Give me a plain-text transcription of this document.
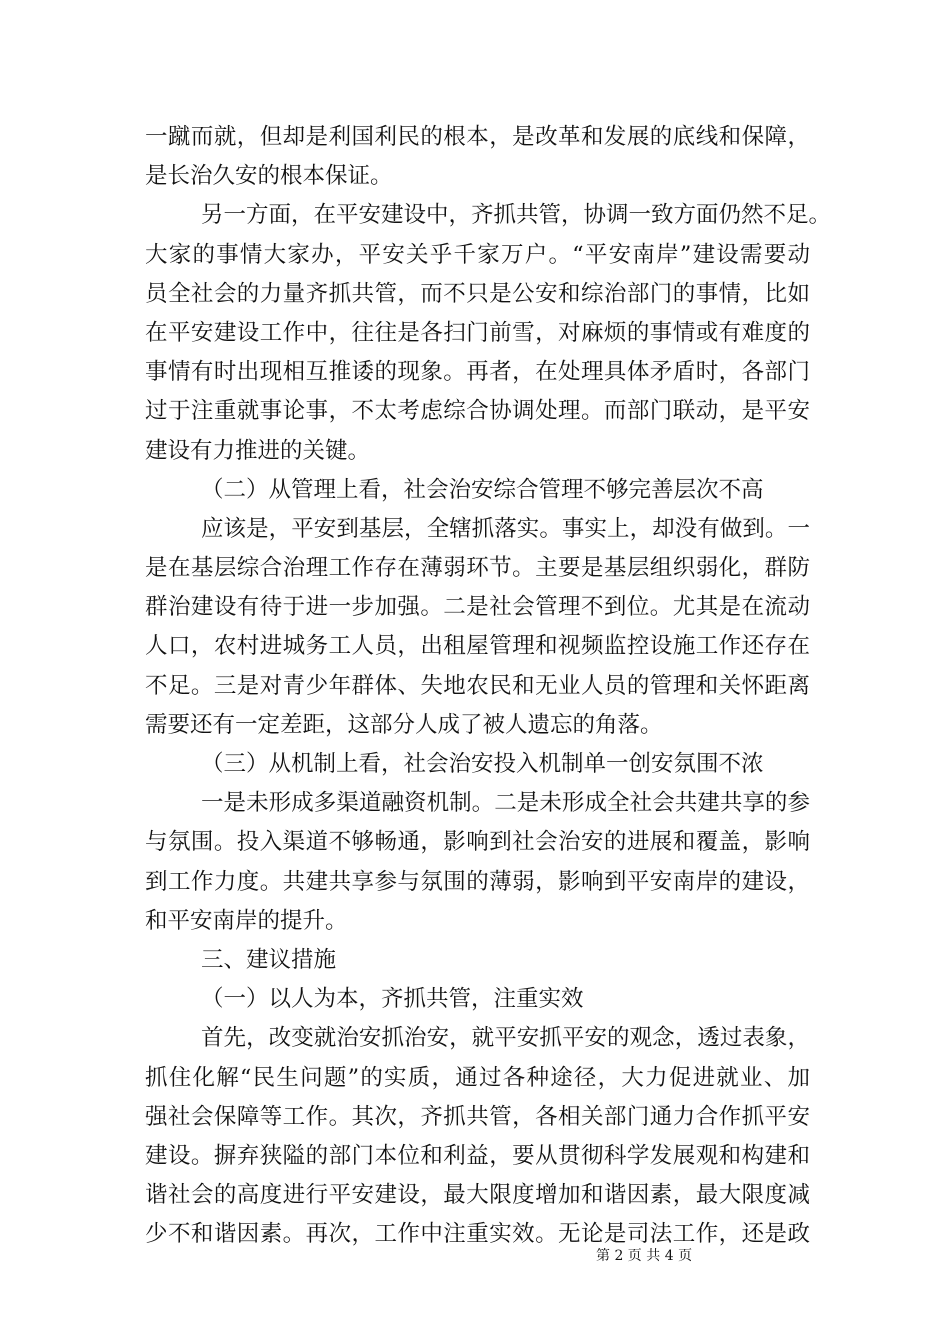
一蹴而就，但却是利国利民的根本，是改革和发展的底线和保障，
是长治久安的根本保证。
另一方面，在平安建设中，齐抓共管，协调一致方面仍然不足。
大家的事情大家办，平安关乎千家万户。“平安南岸”建设需要动
员全社会的力量齐抓共管，而不只是公安和综治部门的事情，比如
在平安建设工作中，往往是各扫门前雪，对麻烦的事情或有难度的
事情有时出现相互推诿的现象。再者，在处理具体矛盾时，各部门
过于注重就事论事，不太考虑综合协调处理。而部门联动，是平安
建设有力推进的关键。
（二）从管理上看，社会治安综合管理不够完善层次不高
应该是，平安到基层，全辖抓落实。事实上，却没有做到。一
是在基层综合治理工作存在薄弱环节。主要是基层组织弱化，群防
群治建设有待于进一步加强。二是社会管理不到位。尤其是在流动
人口，农村进城务工人员，出租屋管理和视频监控设施工作还存在
不足。三是对青少年群体、失地农民和无业人员的管理和关怀距离
需要还有一定差距，这部分人成了被人遗忘的角落。
（三）从机制上看，社会治安投入机制单一创安氛围不浓
一是未形成多渠道融资机制。二是未形成全社会共建共享的参
与氛围。投入渠道不够畅通，影响到社会治安的进展和覆盖，影响
到工作力度。共建共享参与氛围的薄弱，影响到平安南岸的建设，
和平安南岸的提升。
三、建议措施
（一）以人为本，齐抓共管，注重实效
首先，改变就治安抓治安，就平安抓平安的观念，透过表象，
抓住化解“民生问题”的实质，通过各种途径，大力促进就业、加
强社会保障等工作。其次，齐抓共管，各相关部门通力合作抓平安
建设。摒弃狭隘的部门本位和利益，要从贯彻科学发展观和构建和
谐社会的高度进行平安建设，最大限度增加和谐因素，最大限度减
少不和谐因素。再次，工作中注重实效。无论是司法工作，还是政
第 2 页 共 4 页
